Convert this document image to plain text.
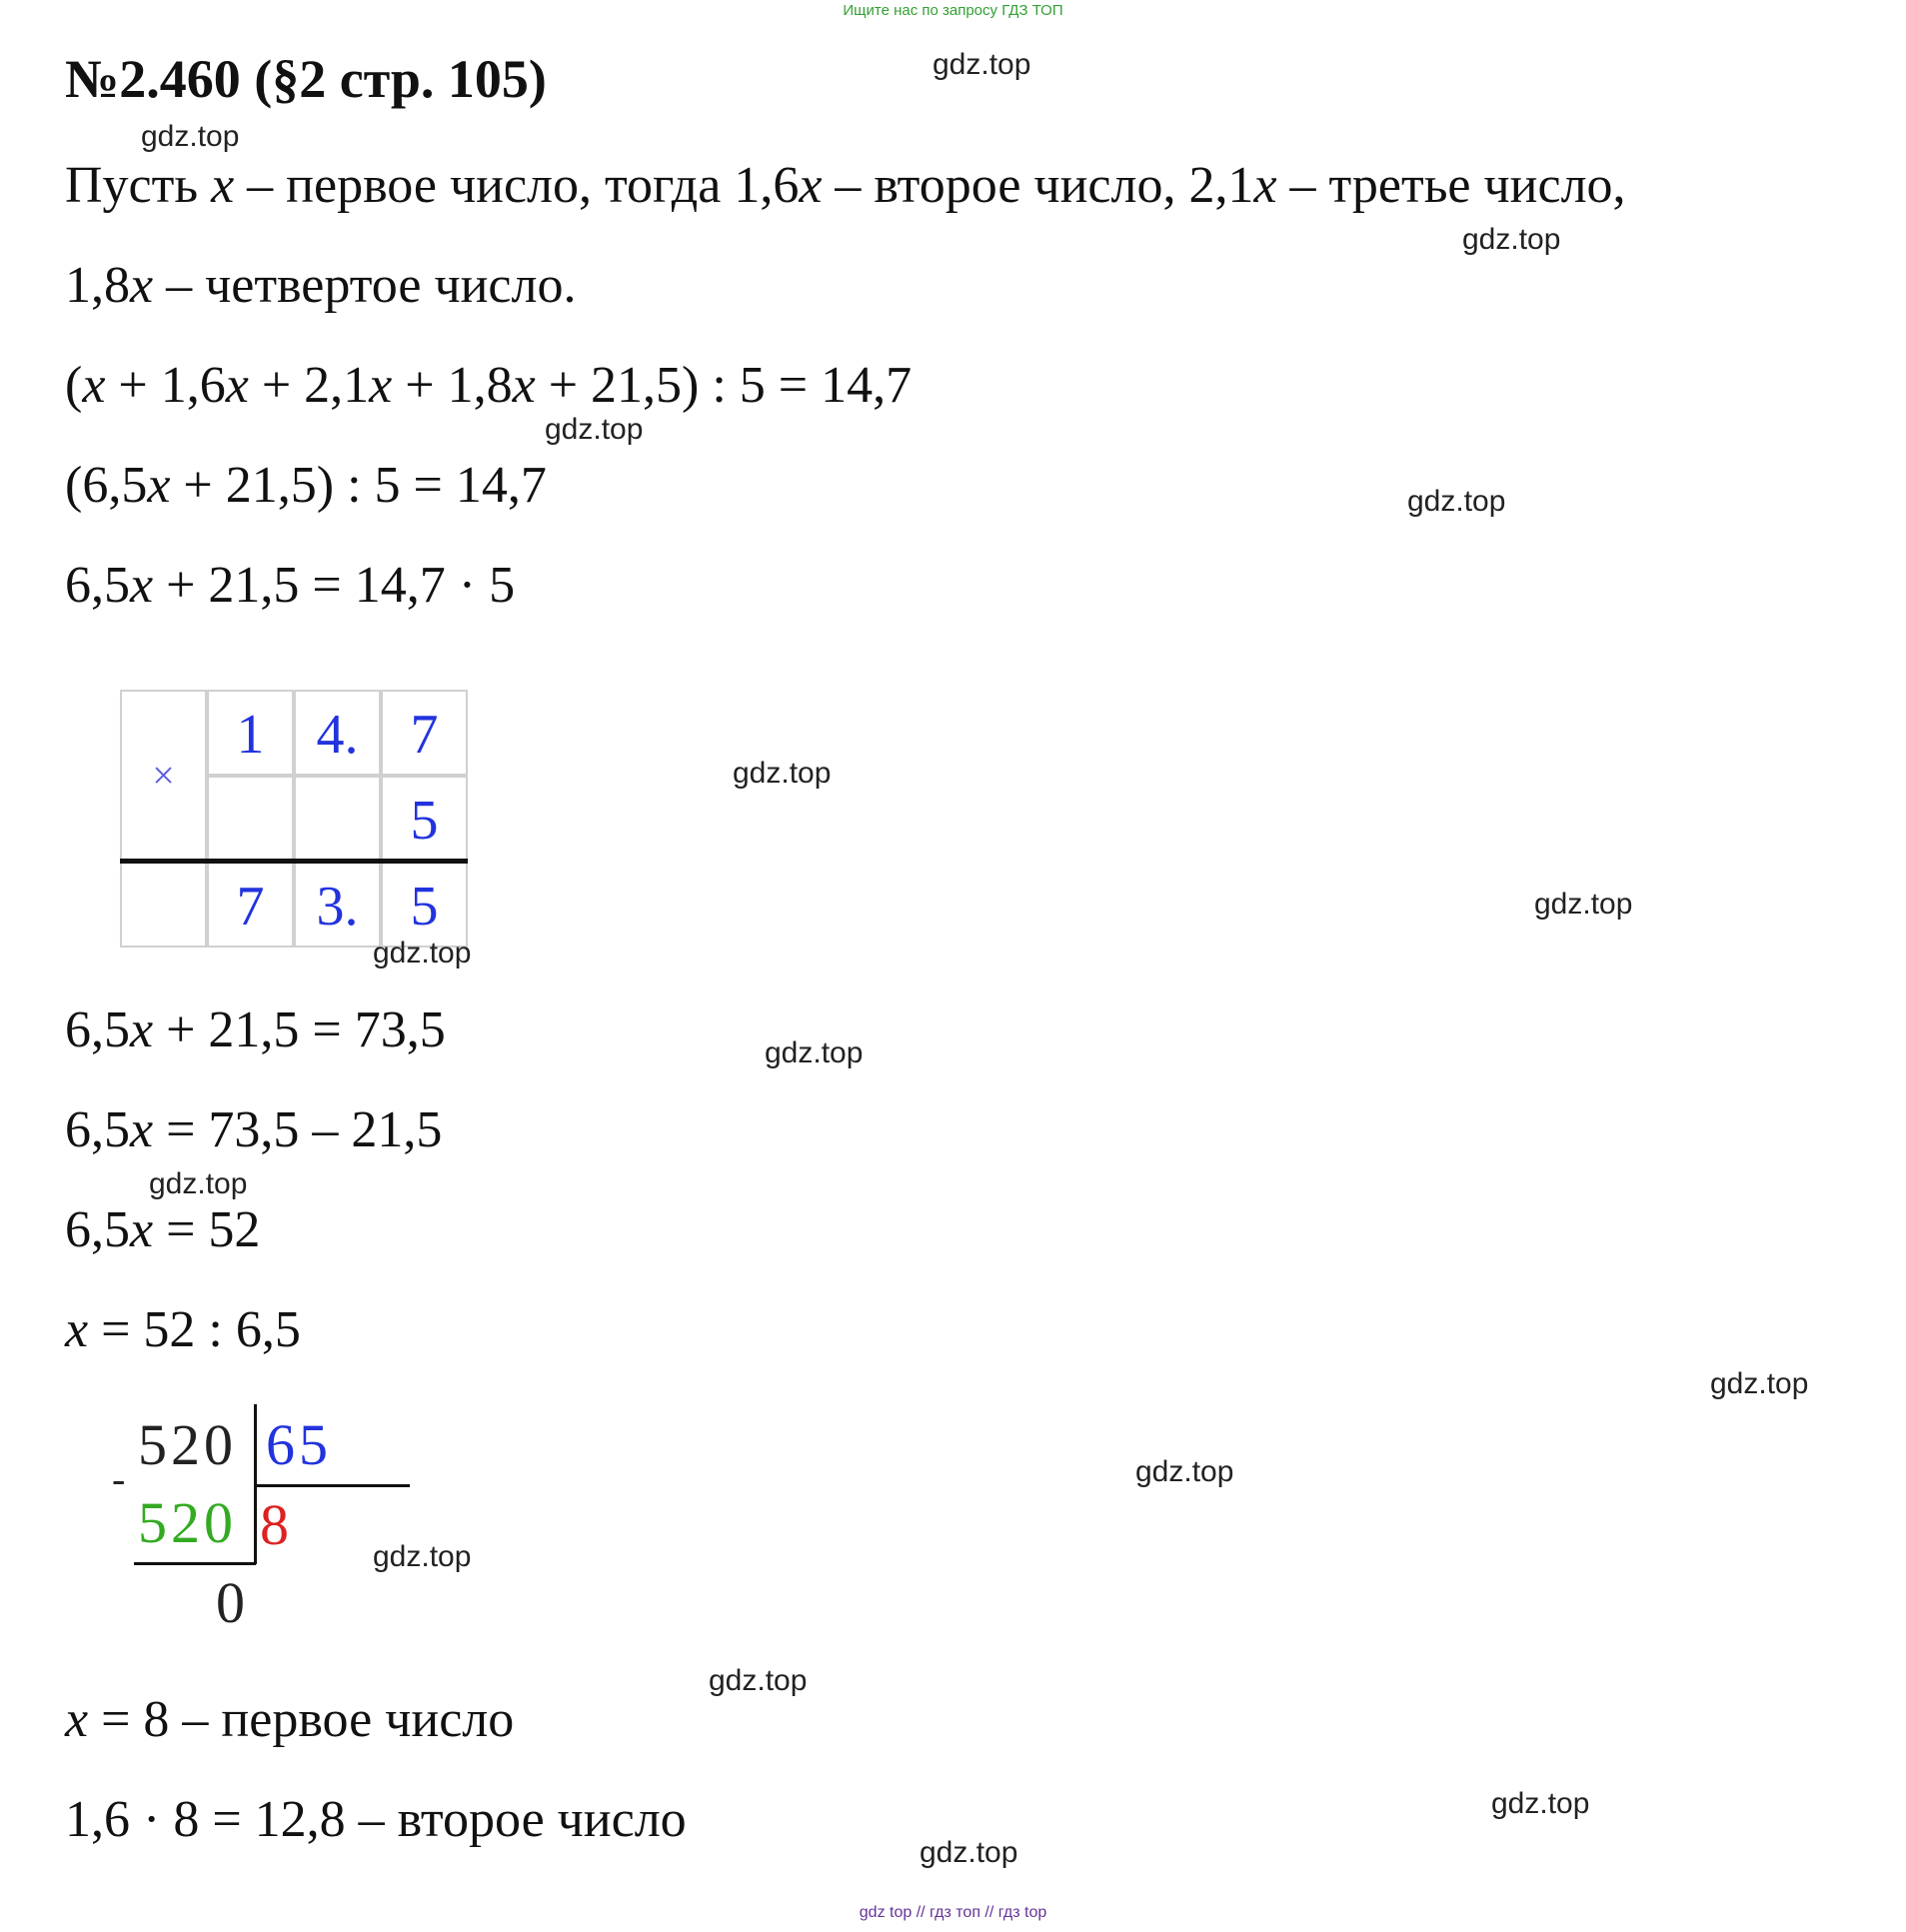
Ищите нас по запросу ГДЗ ТОП
№2.460 (§2 стр. 105)
Пусть x – первое число, тогда 1,6x – второе число, 2,1x – третье число,
1,8x – четвертое число.
(x + 1,6x + 2,1x + 1,8x + 21,5) : 5 = 14,7
(6,5x + 21,5) : 5 = 14,7
6,5x + 21,5 = 14,7 · 5
×
1 4. 7
5
7 3. 5
6,5x + 21,5 = 73,5
6,5x = 73,5 – 21,5
6,5x = 52
x = 52 : 6,5
520 65
-
520 8
0
x = 8 – первое число
1,6 · 8 = 12,8 – второе число
gdz.top
gdz.top
gdz.top
gdz.top
gdz.top
gdz.top
gdz.top
gdz.top
gdz.top
gdz.top
gdz.top
gdz.top
gdz.top
gdz.top
gdz.top
gdz.top
gdz top // гдз топ // гдз top
